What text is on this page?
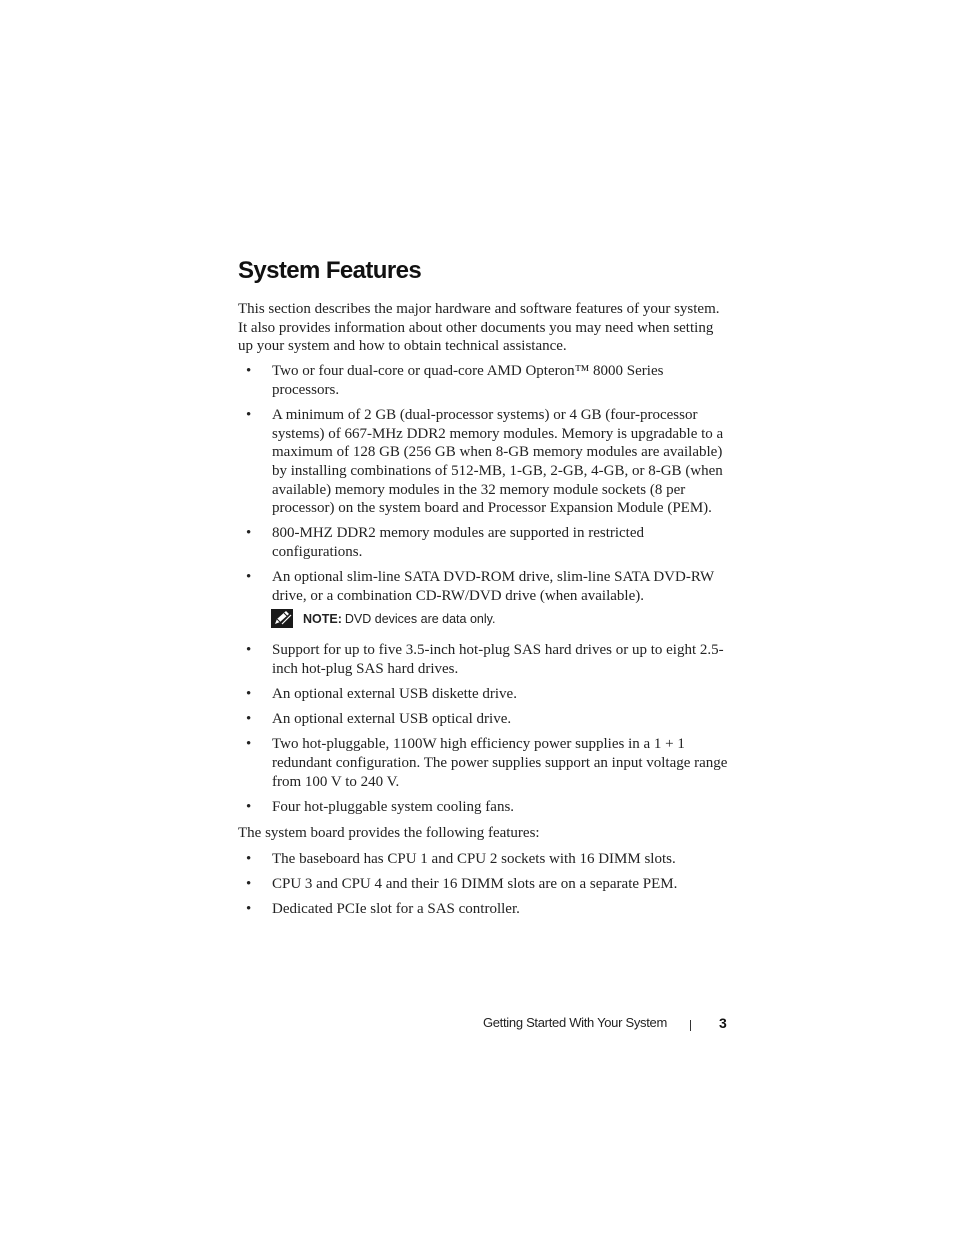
System Features

This section describes the major hardware and software features of your system. It also provides information about other documents you may need when setting up your system and how to obtain technical assistance.

• Two or four dual-core or quad-core AMD Opteron™ 8000 Series processors.
• A minimum of 2 GB (dual-processor systems) or 4 GB (four-processor systems) of 667-MHz DDR2 memory modules. Memory is upgradable to a maximum of 128 GB (256 GB when 8-GB memory modules are available) by installing combinations of 512-MB, 1-GB, 2-GB, 4-GB, or 8-GB (when available) memory modules in the 32 memory module sockets (8 per processor) on the system board and Processor Expansion Module (PEM).
• 800-MHZ DDR2 memory modules are supported in restricted configurations.
• An optional slim-line SATA DVD-ROM drive, slim-line SATA DVD-RW drive, or a combination CD-RW/DVD drive (when available).
NOTE: DVD devices are data only.
• Support for up to five 3.5-inch hot-plug SAS hard drives or up to eight 2.5-inch hot-plug SAS hard drives.
• An optional external USB diskette drive.
• An optional external USB optical drive.
• Two hot-pluggable, 1100W high efficiency power supplies in a 1 + 1 redundant configuration. The power supplies support an input voltage range from 100 V to 240 V.
• Four hot-pluggable system cooling fans.

The system board provides the following features:

• The baseboard has CPU 1 and CPU 2 sockets with 16 DIMM slots.
• CPU 3 and CPU 4 and their 16 DIMM slots are on a separate PEM.
• Dedicated PCIe slot for a SAS controller.
Getting Started With Your System	3
